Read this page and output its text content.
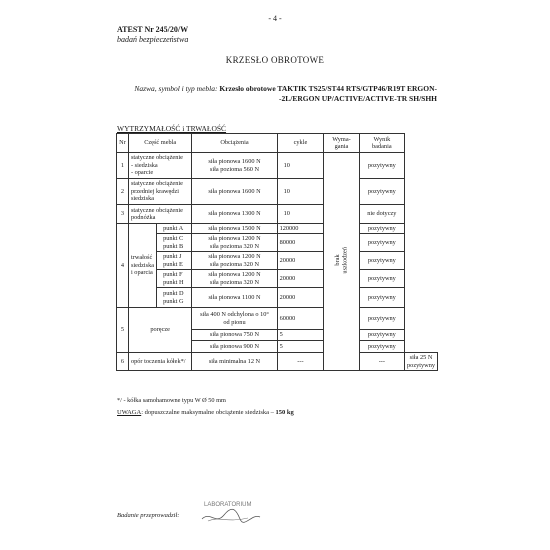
- 4 -
ATEST Nr 245/20/W
badań bezpieczeństwa
KRZESŁO OBROTOWE
Nazwa, symbol i typ mebla: Krzesło obrotowe TAKTIK TS25/ST44 RTS/GTP46/R19T ERGON-
-2L/ERGON UP/ACTIVE/ACTIVE-TR SH/SHH
WYTRZYMAŁOŚĆ i TRWAŁOŚĆ
Nr	Część mebla		Obciążenia	cykle	Wyma-
gania	Wynik
badania	
1	statyczne obciążenie
- siedziska
- oparcie		siła pionowa 1600 N
siła pozioma 560 N	10	brak
uszkodzeń	pozytywny	
2	statyczne obciążenie
przedniej krawędzi
siedziska		siła pionowa 1600 N	10		pozytywny	
3	statyczne obciążenie
podnóżka		siła pionowa 1300 N	10		nie dotyczy	
4	trwałość
siedziska
i oparcia	punkt A	siła pionowa 1500 N	120000		pozytywny	
		punkt C
punkt B	siła pionowa 1200 N
siła pozioma 320 N	80000		pozytywny	
		punkt J
punkt E	siła pionowa 1200 N
siła pozioma 320 N	20000		pozytywny	
		punkt F
punkt H	siła pionowa 1200 N
siła pozioma 320 N	20000		pozytywny	
		punkt D
punkt G	siła pionowa 1100 N	20000		pozytywny	
5	poręcze		siła 400 N odchylona o 10°
od pionu	60000		pozytywny	
			siła pionowa 750 N	5		pozytywny	
			siła pionowa 900 N	5		pozytywny	
6	opór toczenia kółek*/		siła minimalna 12 N	---		---	siła 25 N
pozytywny
*/ - kółka samohamowne typu W Ø 50 mm
UWAGA: dopuszczalne maksymalne obciążenie siedziska – 150 kg
Badanie przeprowadził:
LABORATORIUM
